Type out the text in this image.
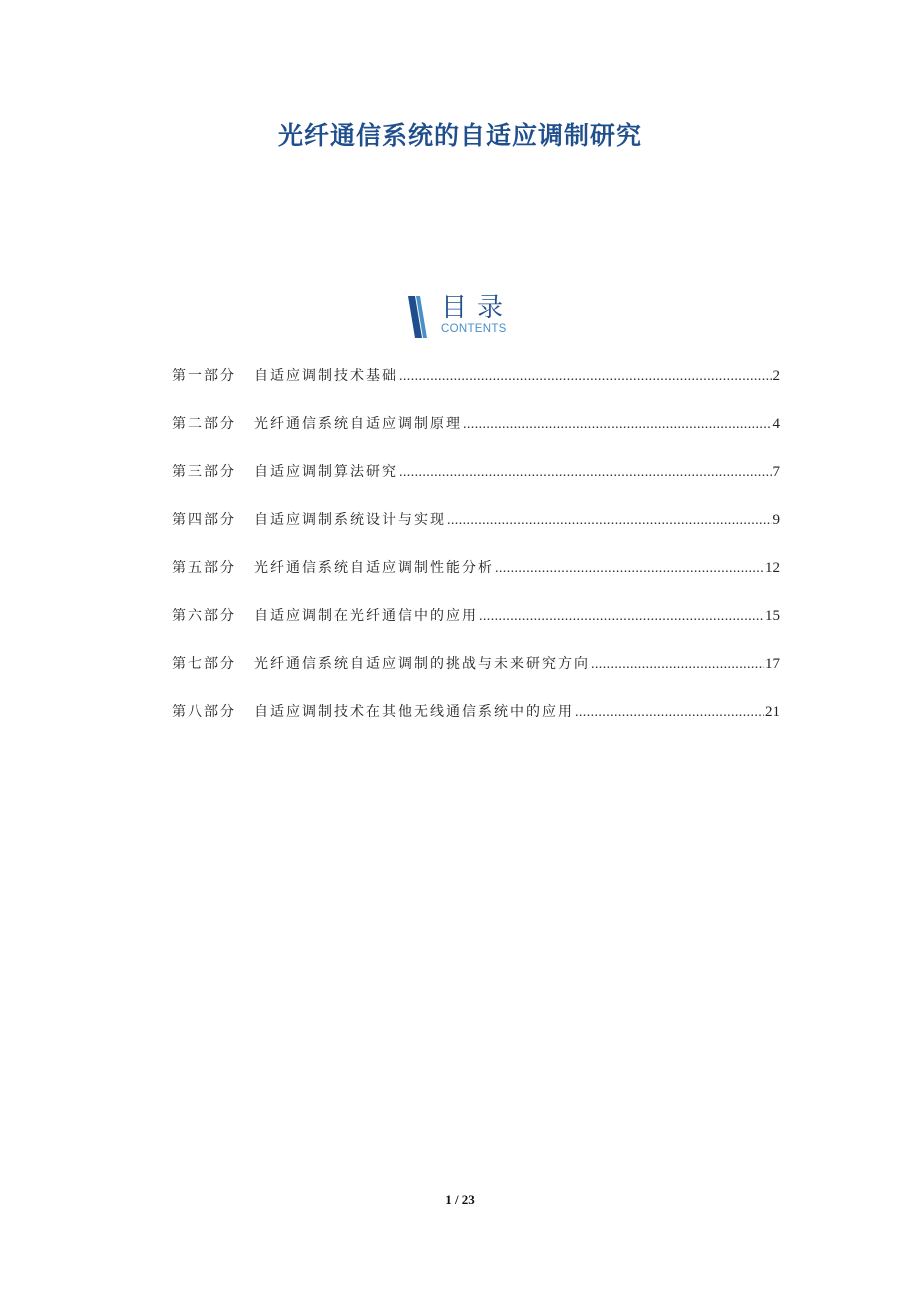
光纤通信系统的自适应调制研究
目录
CONTENTS
第一部分	自适应调制技术基础 .....	2
第二部分	光纤通信系统自适应调制原理 .....	4
第三部分	自适应调制算法研究 .....	7
第四部分	自适应调制系统设计与实现 .....	9
第五部分	光纤通信系统自适应调制性能分析 .....	12
第六部分	自适应调制在光纤通信中的应用 .....	15
第七部分	光纤通信系统自适应调制的挑战与未来研究方向 .....	17
第八部分	自适应调制技术在其他无线通信系统中的应用 .....	21
1 / 23
